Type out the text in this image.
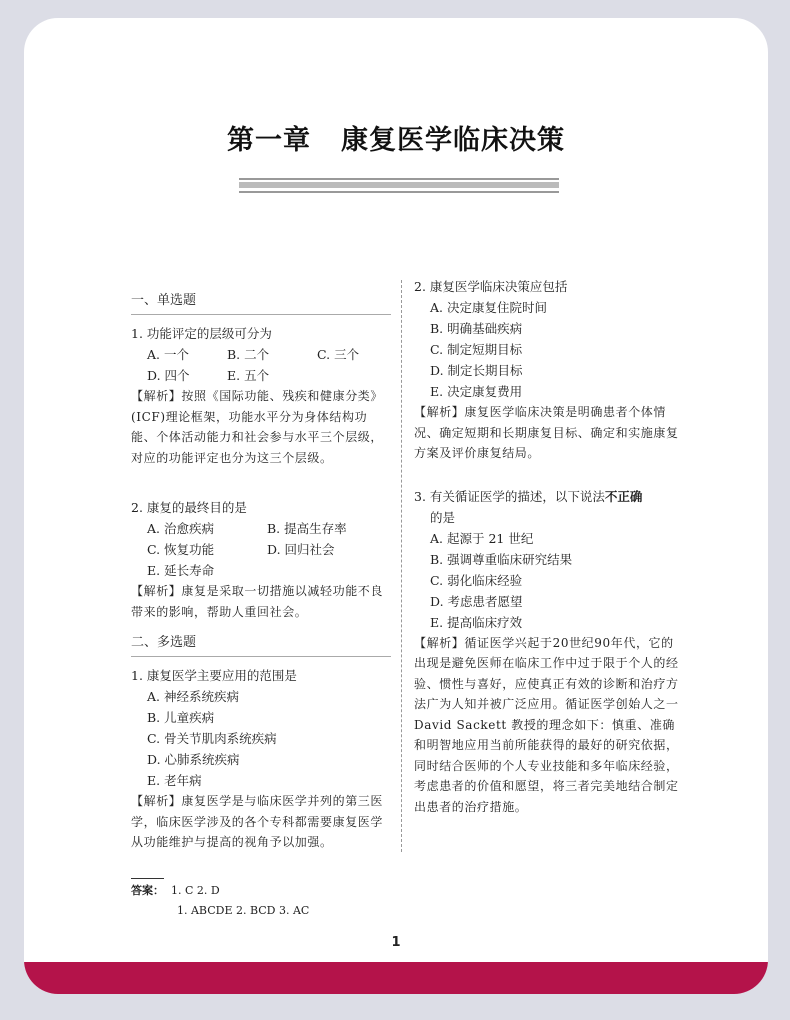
第一章 康复医学临床决策
一、单选题
1. 功能评定的层级可分为
A. 一个	B. 二个	C. 三个
D. 四个	E. 五个
【解析】按照《国际功能、残疾和健康分类》(ICF)理论框架，功能水平分为身体结构功能、个体活动能力和社会参与水平三个层级，对应的功能评定也分为这三个层级。
2. 康复的最终目的是
A. 治愈疾病	B. 提高生存率
C. 恢复功能	D. 回归社会
E. 延长寿命
【解析】康复是采取一切措施以减轻功能不良带来的影响，帮助人重回社会。
二、多选题
1. 康复医学主要应用的范围是
A. 神经系统疾病
B. 儿童疾病
C. 骨关节肌肉系统疾病
D. 心肺系统疾病
E. 老年病
【解析】康复医学是与临床医学并列的第三医学，临床医学涉及的各个专科都需要康复医学从功能维护与提高的视角予以加强。
2. 康复医学临床决策应包括
A. 决定康复住院时间
B. 明确基础疾病
C. 制定短期目标
D. 制定长期目标
E. 决定康复费用
【解析】康复医学临床决策是明确患者个体情况、确定短期和长期康复目标、确定和实施康复方案及评价康复结局。
3. 有关循证医学的描述，以下说法不正确
的是
A. 起源于 21 世纪
B. 强调尊重临床研究结果
C. 弱化临床经验
D. 考虑患者愿望
E. 提高临床疗效
【解析】循证医学兴起于20世纪90年代，它的出现是避免医师在临床工作中过于限于个人的经验、惯性与喜好，应使真正有效的诊断和治疗方法广为人知并被广泛应用。循证医学创始人之一 David Sackett 教授的理念如下：慎重、准确和明智地应用当前所能获得的最好的研究依据，同时结合医师的个人专业技能和多年临床经验，考虑患者的价值和愿望，将三者完美地结合制定出患者的治疗措施。
答案： 1. C 2. D
1. ABCDE 2. BCD 3. AC
1
